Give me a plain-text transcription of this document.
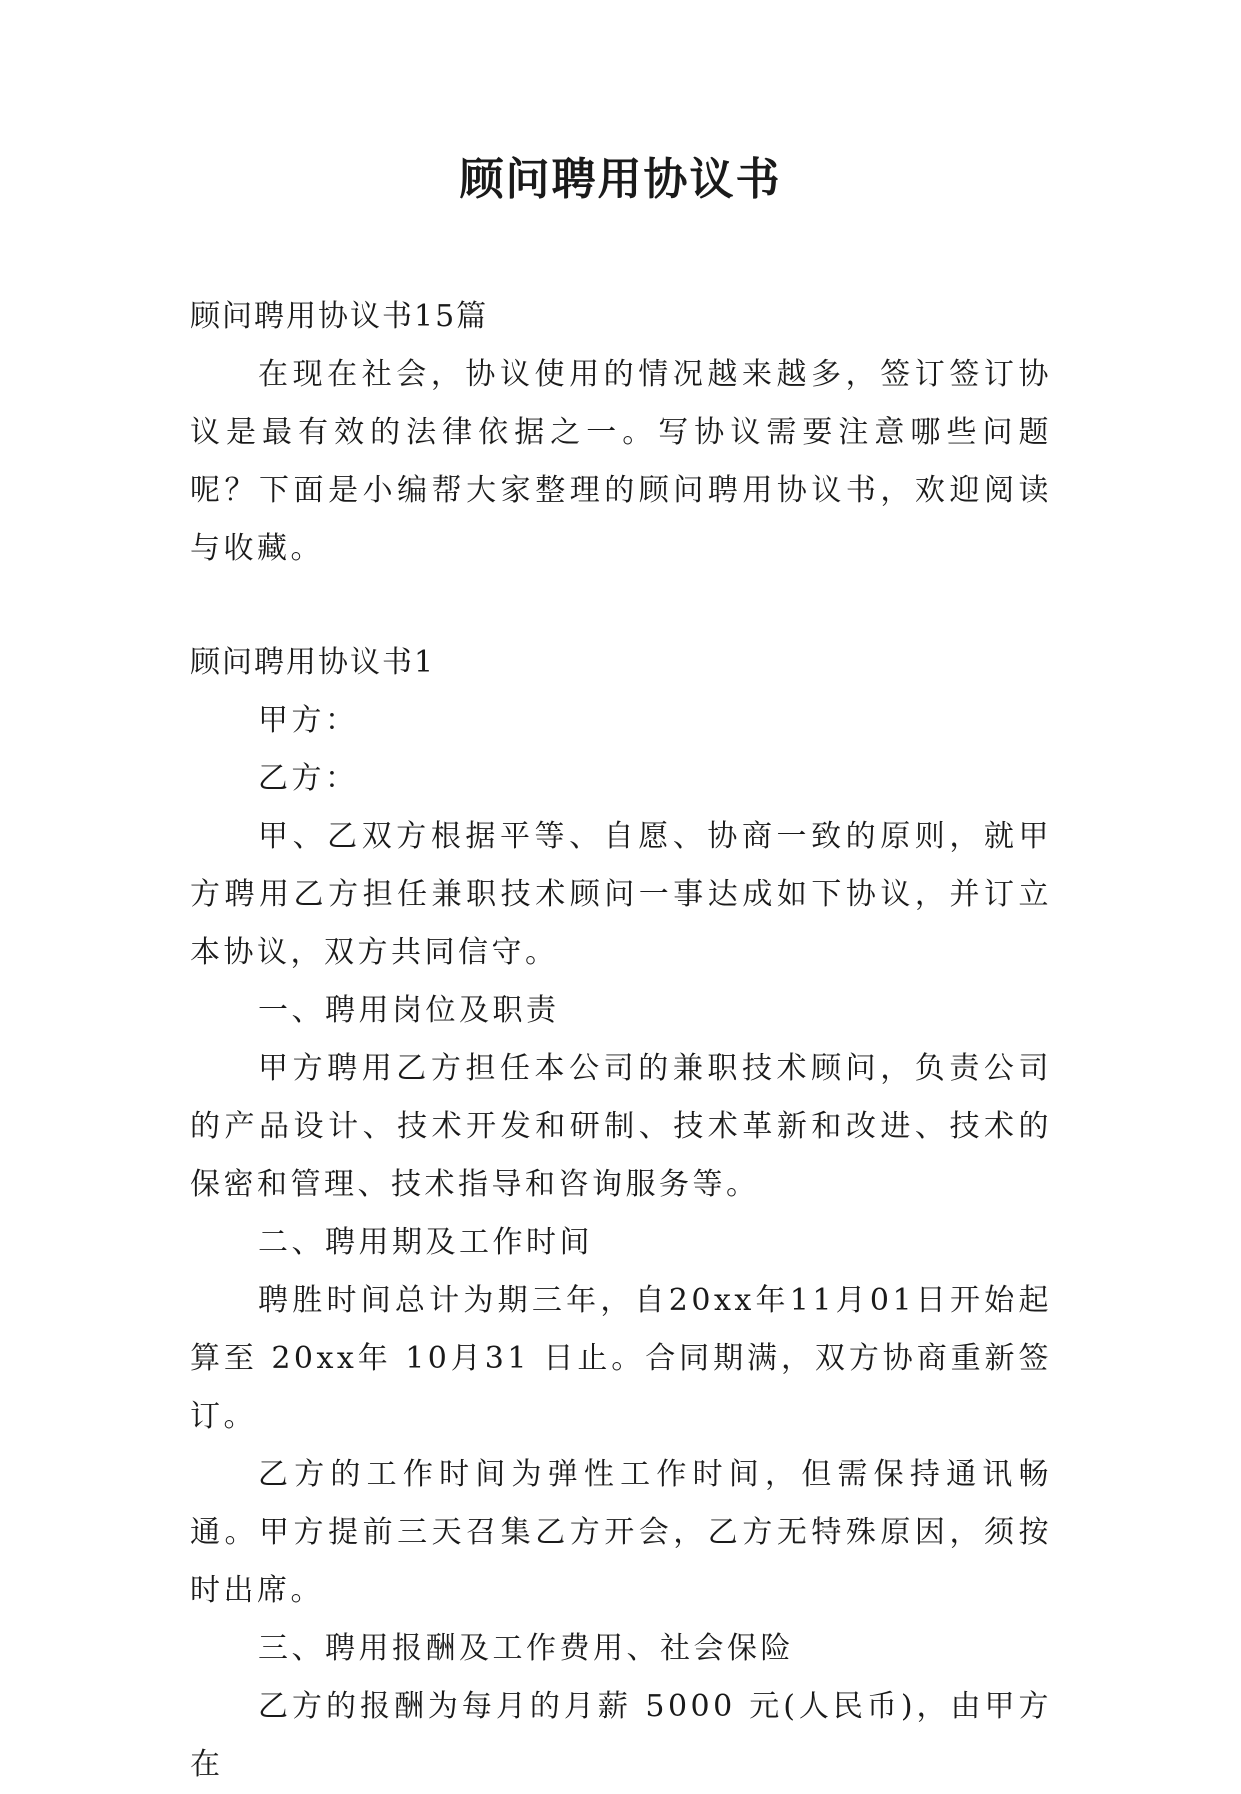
顾问聘用协议书

顾问聘用协议书15篇

在现在社会，协议使用的情况越来越多，签订签订协议是最有效的法律依据之一。写协议需要注意哪些问题呢？下面是小编帮大家整理的顾问聘用协议书，欢迎阅读与收藏。

顾问聘用协议书1

甲方：

乙方：

甲、乙双方根据平等、自愿、协商一致的原则，就甲方聘用乙方担任兼职技术顾问一事达成如下协议，并订立本协议，双方共同信守。

一、聘用岗位及职责

甲方聘用乙方担任本公司的兼职技术顾问，负责公司的产品设计、技术开发和研制、技术革新和改进、技术的保密和管理、技术指导和咨询服务等。

二、聘用期及工作时间

聘胜时间总计为期三年，自20xx年11月01日开始起算至 20xx年 10月31 日止。合同期满，双方协商重新签订。

乙方的工作时间为弹性工作时间，但需保持通讯畅通。甲方提前三天召集乙方开会，乙方无特殊原因，须按时出席。

三、聘用报酬及工作费用、社会保险

乙方的报酬为每月的月薪 5000 元(人民币)，由甲方在
